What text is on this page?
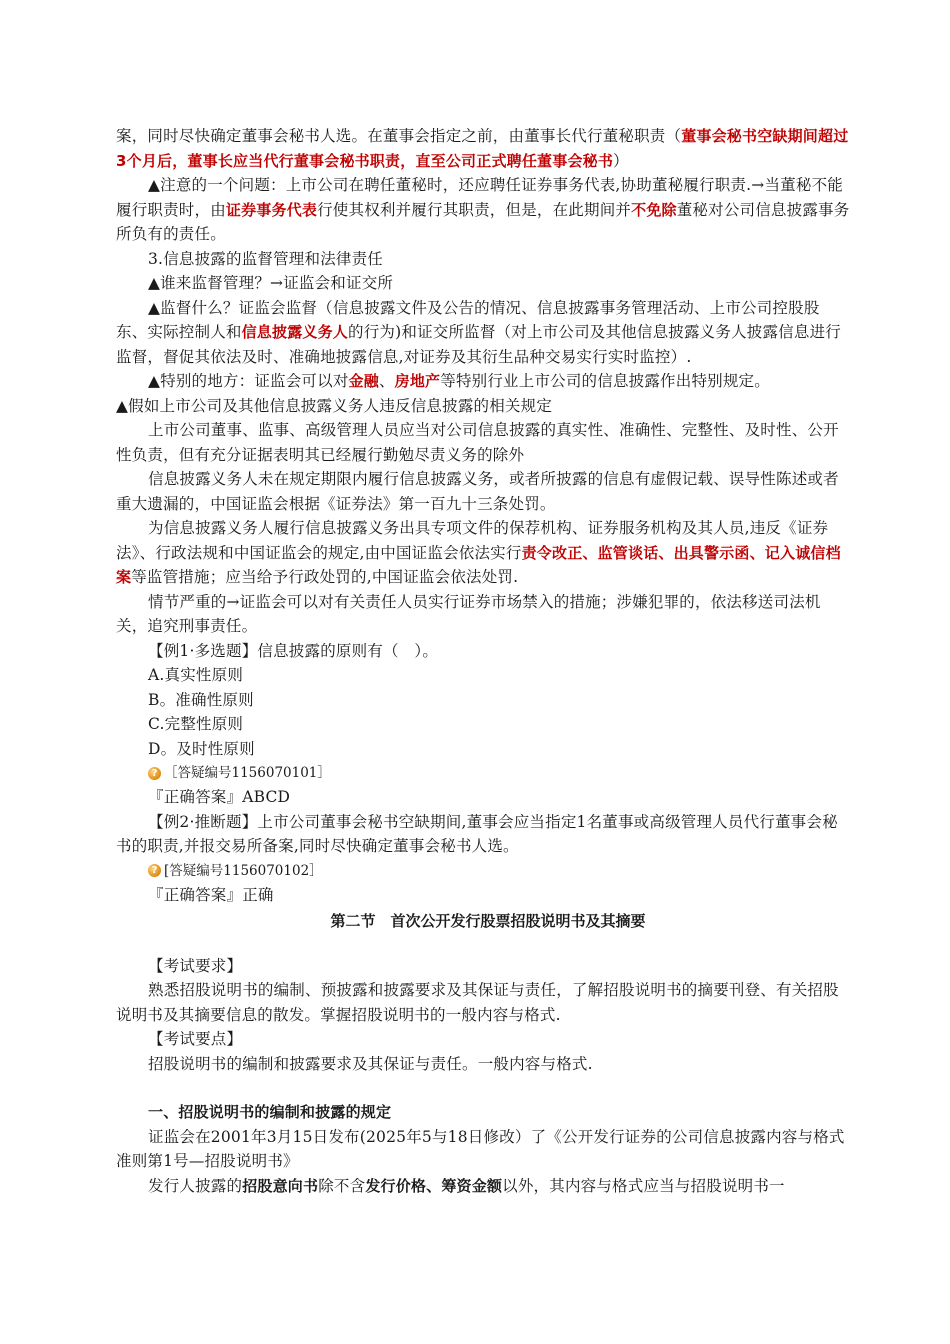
案，同时尽快确定董事会秘书人选。在董事会指定之前，由董事长代行董秘职责（董事会秘书空缺期间超过3个月后，董事长应当代行董事会秘书职责，直至公司正式聘任董事会秘书）

▲注意的一个问题：上市公司在聘任董秘时，还应聘任证券事务代表,协助董秘履行职责.→当董秘不能履行职责时，由证券事务代表行使其权利并履行其职责，但是，在此期间并不免除董秘对公司信息披露事务所负有的责任。

3.信息披露的监督管理和法律责任

▲谁来监督管理？→证监会和证交所

▲监督什么？证监会监督（信息披露文件及公告的情况、信息披露事务管理活动、上市公司控股股东、实际控制人和信息披露义务人的行为)和证交所监督（对上市公司及其他信息披露义务人披露信息进行监督，督促其依法及时、准确地披露信息,对证券及其衍生品种交易实行实时监控）.

▲特别的地方：证监会可以对金融、房地产等特别行业上市公司的信息披露作出特别规定。

▲假如上市公司及其他信息披露义务人违反信息披露的相关规定

上市公司董事、监事、高级管理人员应当对公司信息披露的真实性、准确性、完整性、及时性、公开性负责，但有充分证据表明其已经履行勤勉尽责义务的除外

信息披露义务人未在规定期限内履行信息披露义务，或者所披露的信息有虚假记载、误导性陈述或者重大遗漏的，中国证监会根据《证券法》第一百九十三条处罚。

为信息披露义务人履行信息披露义务出具专项文件的保荐机构、证券服务机构及其人员,违反《证券法》、行政法规和中国证监会的规定,由中国证监会依法实行责令改正、监管谈话、出具警示函、记入诚信档案等监管措施；应当给予行政处罚的,中国证监会依法处罚.

情节严重的→证监会可以对有关责任人员实行证券市场禁入的措施；涉嫌犯罪的，依法移送司法机关，追究刑事责任。

【例1·多选题】信息披露的原则有（　）。

A.真实性原则

B。准确性原则

C.完整性原则

D。及时性原则

? ［答疑编号1156070101］

『正确答案』ABCD

【例2·推断题】上市公司董事会秘书空缺期间,董事会应当指定1名董事或高级管理人员代行董事会秘书的职责,并报交易所备案,同时尽快确定董事会秘书人选。

? [答疑编号1156070102］

『正确答案』正确

第二节　首次公开发行股票招股说明书及其摘要

【考试要求】

熟悉招股说明书的编制、预披露和披露要求及其保证与责任，了解招股说明书的摘要刊登、有关招股说明书及其摘要信息的散发。掌握招股说明书的一般内容与格式.

【考试要点】

招股说明书的编制和披露要求及其保证与责任。一般内容与格式.

一、招股说明书的编制和披露的规定

证监会在2001年3月15日发布(2025年5与18日修改）了《公开发行证券的公司信息披露内容与格式准则第1号—招股说明书》

发行人披露的招股意向书除不含发行价格、筹资金额以外，其内容与格式应当与招股说明书一
